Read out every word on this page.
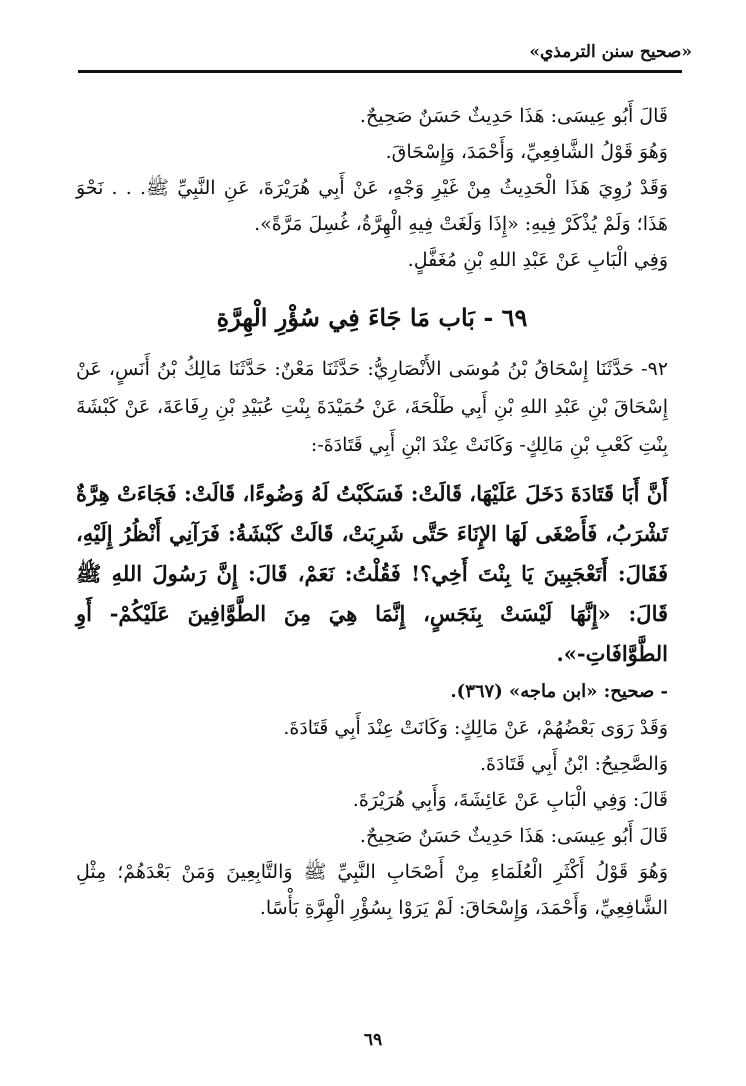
«صحيح سنن الترمذي»

قَالَ أَبُو عِيسَى: هَذَا حَدِيثٌ حَسَنٌ صَحِيحٌ.

وَهُوَ قَوْلُ الشَّافِعِيِّ، وَأَحْمَدَ، وَإِسْحَاقَ.

وَقَدْ رُوِيَ هَذَا الْحَدِيثُ مِنْ غَيْرِ وَجْهٍ، عَنْ أَبِي هُرَيْرَةَ، عَنِ النَّبِيِّ ﷺ. . . نَحْوَ هَذَا؛ وَلَمْ يُذْكَرْ فِيهِ: «إِذَا وَلَغَتْ فِيهِ الْهِرَّةُ، غُسِلَ مَرَّةً».

وَفِي الْبَابِ عَنْ عَبْدِ اللهِ بْنِ مُغَفَّلٍ.

٦٩ - بَاب مَا جَاءَ فِي سُؤْرِ الْهِرَّةِ

٩٢- حَدَّثَنَا إِسْحَاقُ بْنُ مُوسَى الأَنْصَارِيُّ: حَدَّثَنَا مَعْنٌ: حَدَّثَنَا مَالِكُ بْنُ أَنَسٍ، عَنْ إِسْحَاقَ بْنِ عَبْدِ اللهِ بْنِ أَبِي طَلْحَةَ، عَنْ حُمَيْدَةَ بِنْتِ عُبَيْدِ بْنِ رِفَاعَةَ، عَنْ كَبْشَةَ بِنْتِ كَعْبِ بْنِ مَالِكٍ- وَكَانَتْ عِنْدَ ابْنِ أَبِي قَتَادَةَ-:

أَنَّ أَبَا قَتَادَةَ دَخَلَ عَلَيْهَا، قَالَتْ: فَسَكَبْتُ لَهُ وَضُوءًا، قَالَتْ: فَجَاءَتْ هِرَّةٌ تَشْرَبُ، فَأَصْغَى لَهَا الإِنَاءَ حَتَّى شَرِبَتْ، قَالَتْ كَبْشَةُ: فَرَآنِي أَنْظُرُ إِلَيْهِ، فَقَالَ: أَتَعْجَبِينَ يَا بِنْتَ أَخِي؟! فَقُلْتُ: نَعَمْ، قَالَ: إِنَّ رَسُولَ اللهِ ﷺ قَالَ: «إِنَّهَا لَيْسَتْ بِنَجَسٍ، إِنَّمَا هِيَ مِنَ الطَّوَّافِينَ عَلَيْكُمْ- أَوِ الطَّوَّافَاتِ-».

- صحيح: «ابن ماجه» (٣٦٧).

وَقَدْ رَوَى بَعْضُهُمْ، عَنْ مَالِكٍ: وَكَانَتْ عِنْدَ أَبِي قَتَادَةَ.

وَالصَّحِيحُ: ابْنُ أَبِي قَتَادَةَ.

قَالَ: وَفِي الْبَابِ عَنْ عَائِشَةَ، وَأَبِي هُرَيْرَةَ.

قَالَ أَبُو عِيسَى: هَذَا حَدِيثٌ حَسَنٌ صَحِيحٌ.

وَهُوَ قَوْلُ أَكْثَرِ الْعُلَمَاءِ مِنْ أَصْحَابِ النَّبِيِّ ﷺ وَالتَّابِعِينَ وَمَنْ بَعْدَهُمْ؛ مِثْلِ الشَّافِعِيِّ، وَأَحْمَدَ، وَإِسْحَاقَ: لَمْ يَرَوْا بِسُؤْرِ الْهِرَّةِ بَأْسًا.

٦٩
